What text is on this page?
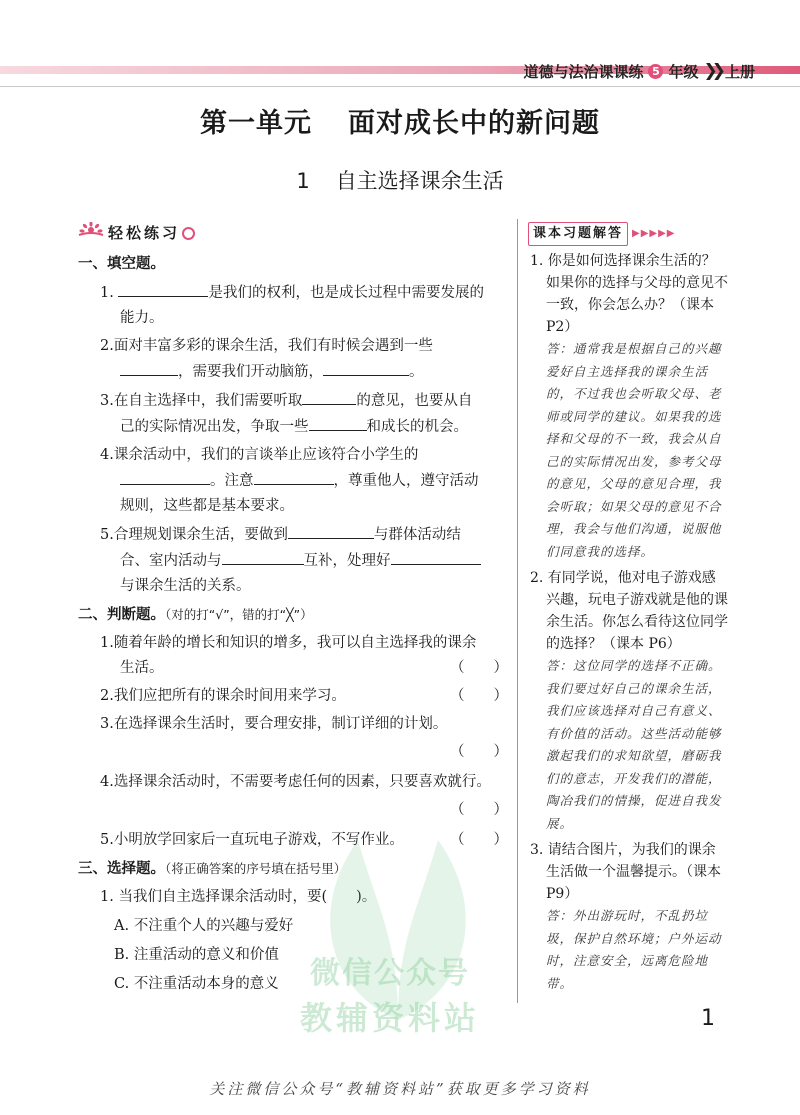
道德与法治课课练 5 年级 ❯❯ 上册
第一单元 面对成长中的新问题
1 自主选择课余生活
轻松练习
一、填空题。
1.	是我们的权利，也是成长过程中需要发展的
能力。
2.面对丰富多彩的课余生活，我们有时候会遇到一些
，需要我们开动脑筋，	。
3.在自主选择中，我们需要听取	的意见，也要从自
己的实际情况出发，争取一些	和成长的机会。
4.课余活动中，我们的言谈举止应该符合小学生的
。注意	，尊重他人，遵守活动
规则，这些都是基本要求。
5.合理规划课余生活，要做到	与群体活动结
合、室内活动与	互补，处理好
与课余生活的关系。
二、判断题。（对的打“√”，错的打“╳”）
1.随着年龄的增长和知识的增多，我可以自主选择我的课余
生活。	（　　）
2.我们应把所有的课余时间用来学习。	（　　）
3.在选择课余生活时，要合理安排，制订详细的计划。
（　　）
4.选择课余活动时，不需要考虑任何的因素，只要喜欢就行。
（　　）
5.小明放学回家后一直玩电子游戏，不写作业。	（　　）
三、选择题。（将正确答案的序号填在括号里）
1. 当我们自主选择课余活动时，要(　　)。
A. 不注重个人的兴趣与爱好
B. 注重活动的意义和价值
C. 不注重活动本身的意义
课本习题解答 ▶▶▶▶▶
1. 你是如何选择课余生活的？如果你的选择与父母的意见不一致，你会怎么办？（课本 P2）
答：通常我是根据自己的兴趣爱好自主选择我的课余生活的，不过我也会听取父母、老师或同学的建议。如果我的选择和父母的不一致，我会从自己的实际情况出发，参考父母的意见，父母的意见合理，我会听取；如果父母的意见不合理，我会与他们沟通，说服他们同意我的选择。
2. 有同学说，他对电子游戏感兴趣，玩电子游戏就是他的课余生活。你怎么看待这位同学的选择？（课本 P6）
答：这位同学的选择不正确。我们要过好自己的课余生活，我们应该选择对自己有意义、有价值的活动。这些活动能够激起我们的求知欲望，磨砺我们的意志，开发我们的潜能，陶冶我们的情操，促进自我发展。
3. 请结合图片，为我们的课余生活做一个温馨提示。（课本 P9）
答：外出游玩时，不乱扔垃圾，保护自然环境；户外运动时，注意安全，远离危险地带。
微信公众号
教辅资料站	1
关注微信公众号“教辅资料站”获取更多学习资料
